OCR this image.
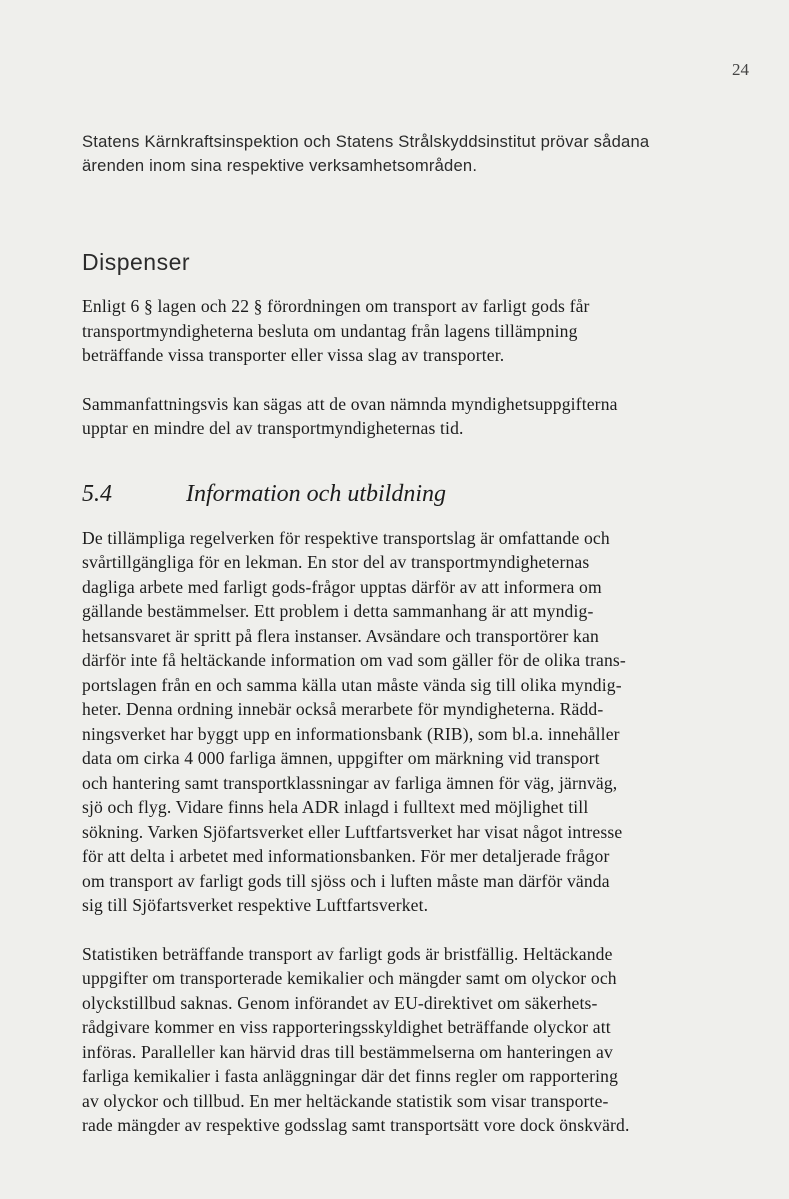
24

Statens Kärnkraftsinspektion och Statens Strålskyddsinstitut prövar sådana
ärenden inom sina respektive verksamhetsområden.

Dispenser

Enligt 6 § lagen och 22 § förordningen om transport av farligt gods får
transportmyndigheterna besluta om undantag från lagens tillämpning
beträffande vissa transporter eller vissa slag av transporter.

Sammanfattningsvis kan sägas att de ovan nämnda myndighetsuppgifterna
upptar en mindre del av transportmyndigheternas tid.

5.4	Information och utbildning

De tillämpliga regelverken för respektive transportslag är omfattande och
svårtillgängliga för en lekman. En stor del av transportmyndigheternas
dagliga arbete med farligt gods-frågor upptas därför av att informera om
gällande bestämmelser. Ett problem i detta sammanhang är att myndig-
hetsansvaret är spritt på flera instanser. Avsändare och transportörer kan
därför inte få heltäckande information om vad som gäller för de olika trans-
portslagen från en och samma källa utan måste vända sig till olika myndig-
heter. Denna ordning innebär också merarbete för myndigheterna. Rädd-
ningsverket har byggt upp en informationsbank (RIB), som bl.a. innehåller
data om cirka 4 000 farliga ämnen, uppgifter om märkning vid transport
och hantering samt transportklassningar av farliga ämnen för väg, järnväg,
sjö och flyg. Vidare finns hela ADR inlagd i fulltext med möjlighet till
sökning. Varken Sjöfartsverket eller Luftfartsverket har visat något intresse
för att delta i arbetet med informationsbanken. För mer detaljerade frågor
om transport av farligt gods till sjöss och i luften måste man därför vända
sig till Sjöfartsverket respektive Luftfartsverket.

Statistiken beträffande transport av farligt gods är bristfällig. Heltäckande
uppgifter om transporterade kemikalier och mängder samt om olyckor och
olyckstillbud saknas. Genom införandet av EU-direktivet om säkerhets-
rådgivare kommer en viss rapporteringsskyldighet beträffande olyckor att
införas. Paralleller kan härvid dras till bestämmelserna om hanteringen av
farliga kemikalier i fasta anläggningar där det finns regler om rapportering
av olyckor och tillbud. En mer heltäckande statistik som visar transporte-
rade mängder av respektive godsslag samt transportsätt vore dock önskvärd.
